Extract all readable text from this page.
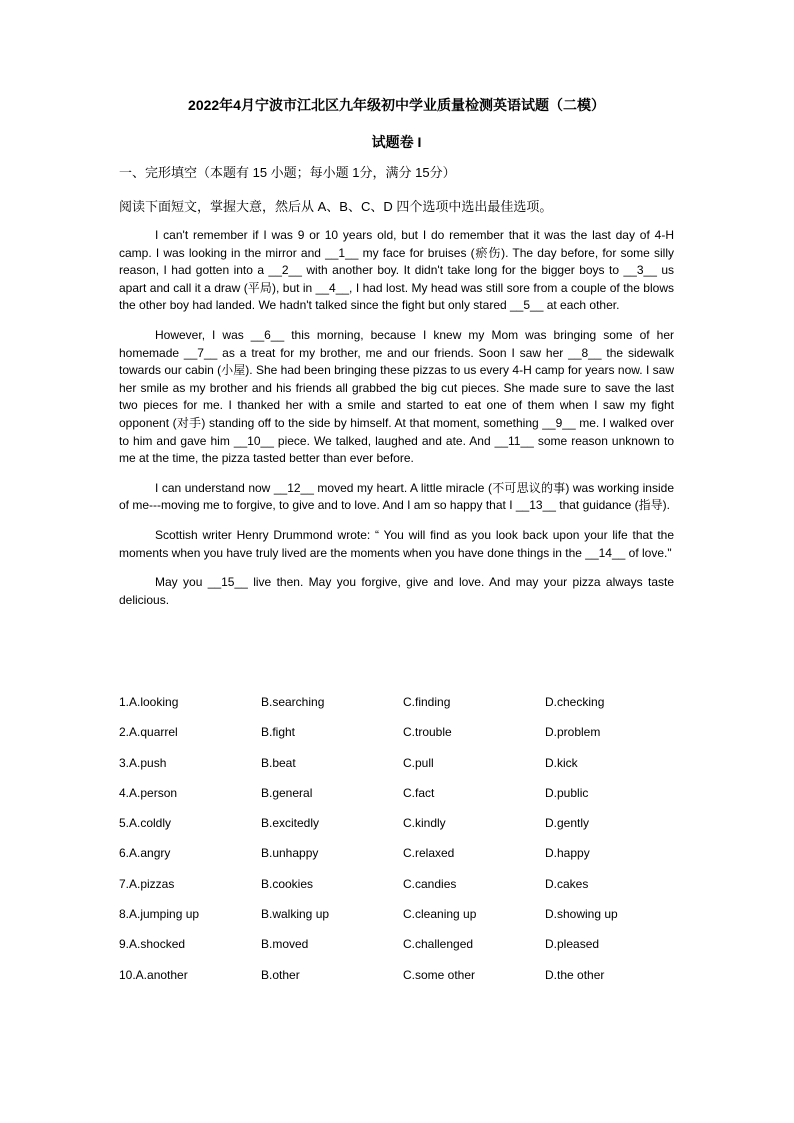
2022年4月宁波市江北区九年级初中学业质量检测英语试题（二模）
试题卷 I
一、完形填空（本题有 15 小题；每小题 1分，满分 15分）
阅读下面短文，掌握大意，然后从 A、B、C、D 四个选项中选出最佳选项。

I can't remember if I was 9 or 10 years old, but I do remember that it was the last day of 4-H camp. I was looking in the mirror and __1__ my face for bruises (瘀伤). The day before, for some silly reason, I had gotten into a __2__ with another boy. It didn't take long for the bigger boys to __3__ us apart and call it a draw (平局), but in __4__, I had lost. My head was still sore from a couple of the blows the other boy had landed. We hadn't talked since the fight but only stared __5__ at each other.

However, I was __6__ this morning, because I knew my Mom was bringing some of her homemade __7__ as a treat for my brother, me and our friends. Soon I saw her __8__ the sidewalk towards our cabin (小屋). She had been bringing these pizzas to us every 4-H camp for years now. I saw her smile as my brother and his friends all grabbed the big cut pieces. She made sure to save the last two pieces for me. I thanked her with a smile and started to eat one of them when I saw my fight opponent (对手) standing off to the side by himself. At that moment, something __9__ me. I walked over to him and gave him __10__ piece. We talked, laughed and ate. And __11__ some reason unknown to me at the time, the pizza tasted better than ever before.

I can understand now __12__ moved my heart. A little miracle (不可思议的事) was working inside of me---moving me to forgive, to give and to love. And I am so happy that I __13__ that guidance (指导).

Scottish writer Henry Drummond wrote: “ You will find as you look back upon your life that the moments when you have truly lived are the moments when you have done things in the __14__ of love."

May you __15__ live then. May you forgive, give and love. And may your pizza always taste delicious.

1.A.looking	B.searching	C.finding	D.checking
2.A.quarrel	B.fight	C.trouble	D.problem
3.A.push	B.beat	C.pull	D.kick
4.A.person	B.general	C.fact	D.public
5.A.coldly	B.excitedly	C.kindly	D.gently
6.A.angry	B.unhappy	C.relaxed	D.happy
7.A.pizzas	B.cookies	C.candies	D.cakes
8.A.jumping up	B.walking up	C.cleaning up	D.showing up
9.A.shocked	B.moved	C.challenged	D.pleased
10.A.another	B.other	C.some other	D.the other
